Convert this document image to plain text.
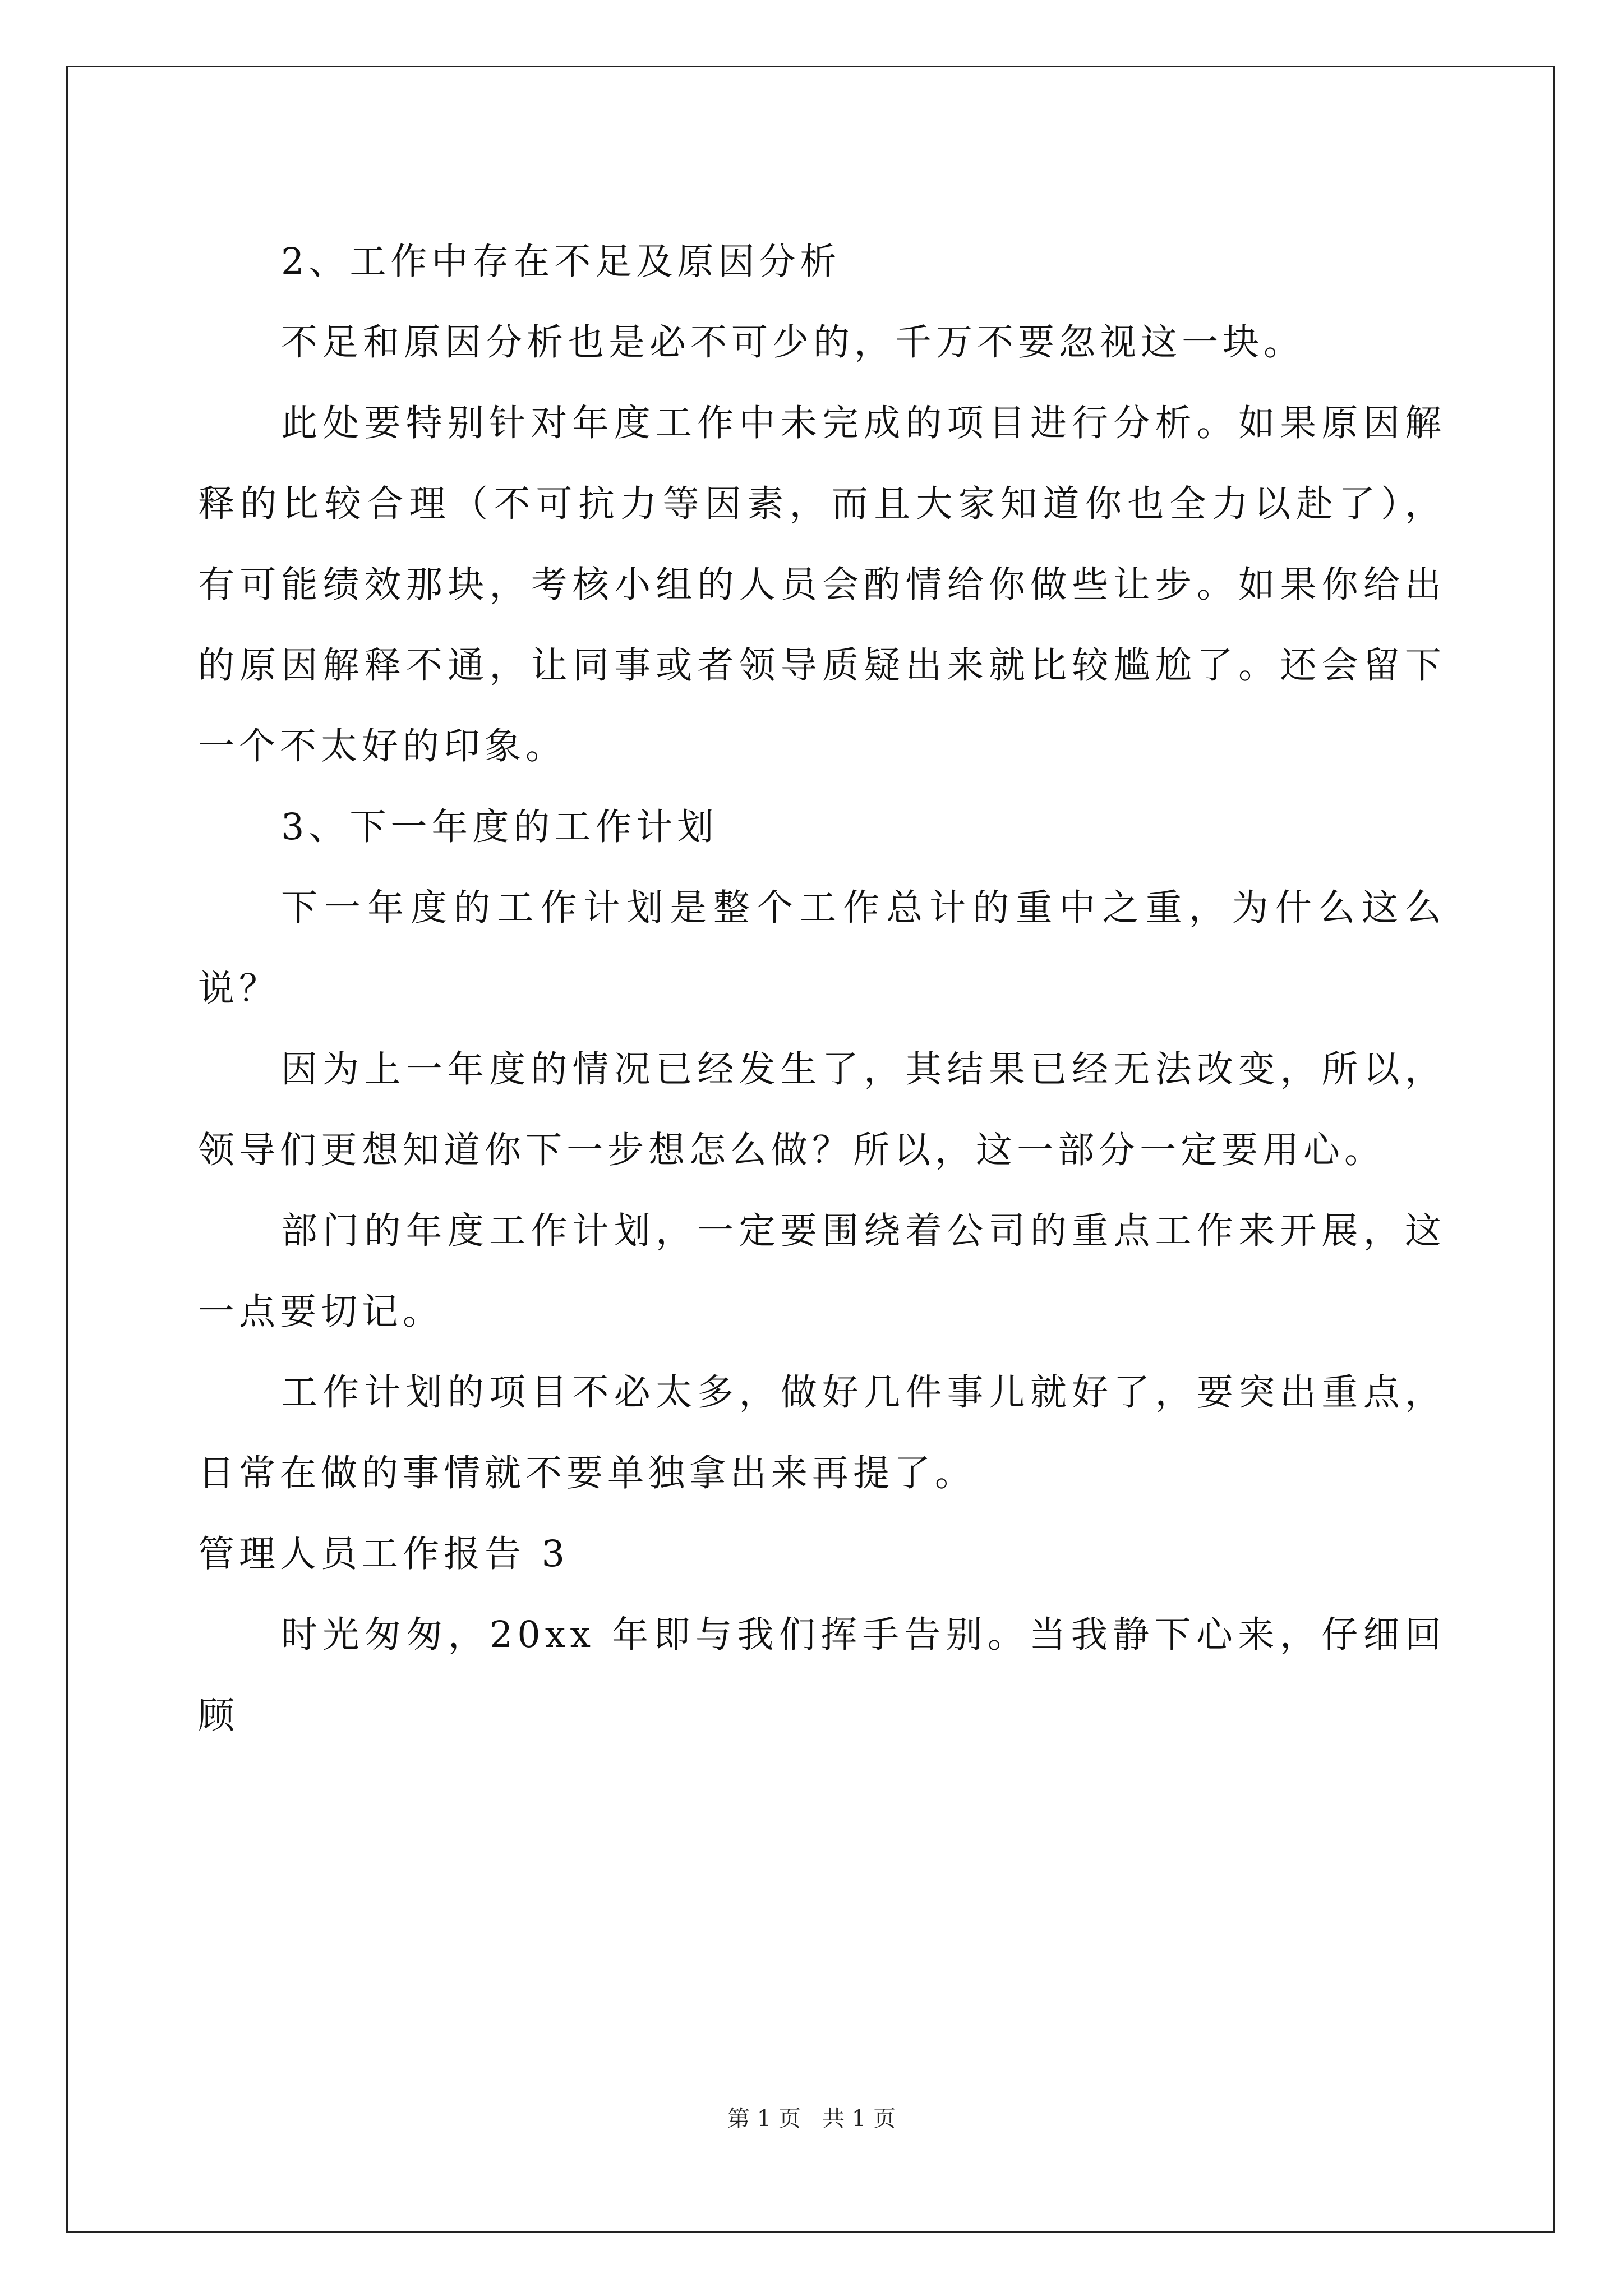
2、工作中存在不足及原因分析

不足和原因分析也是必不可少的，千万不要忽视这一块。

此处要特别针对年度工作中未完成的项目进行分析。如果原因解释的比较合理（不可抗力等因素，而且大家知道你也全力以赴了），有可能绩效那块，考核小组的人员会酌情给你做些让步。如果你给出的原因解释不通，让同事或者领导质疑出来就比较尴尬了。还会留下一个不太好的印象。

3、下一年度的工作计划

下一年度的工作计划是整个工作总计的重中之重，为什么这么说？

因为上一年度的情况已经发生了，其结果已经无法改变，所以，领导们更想知道你下一步想怎么做？所以，这一部分一定要用心。

部门的年度工作计划，一定要围绕着公司的重点工作来开展，这一点要切记。

工作计划的项目不必太多，做好几件事儿就好了，要突出重点，日常在做的事情就不要单独拿出来再提了。

管理人员工作报告 3

时光匆匆，20xx 年即与我们挥手告别。当我静下心来，仔细回顾

第 1 页   共 1 页
